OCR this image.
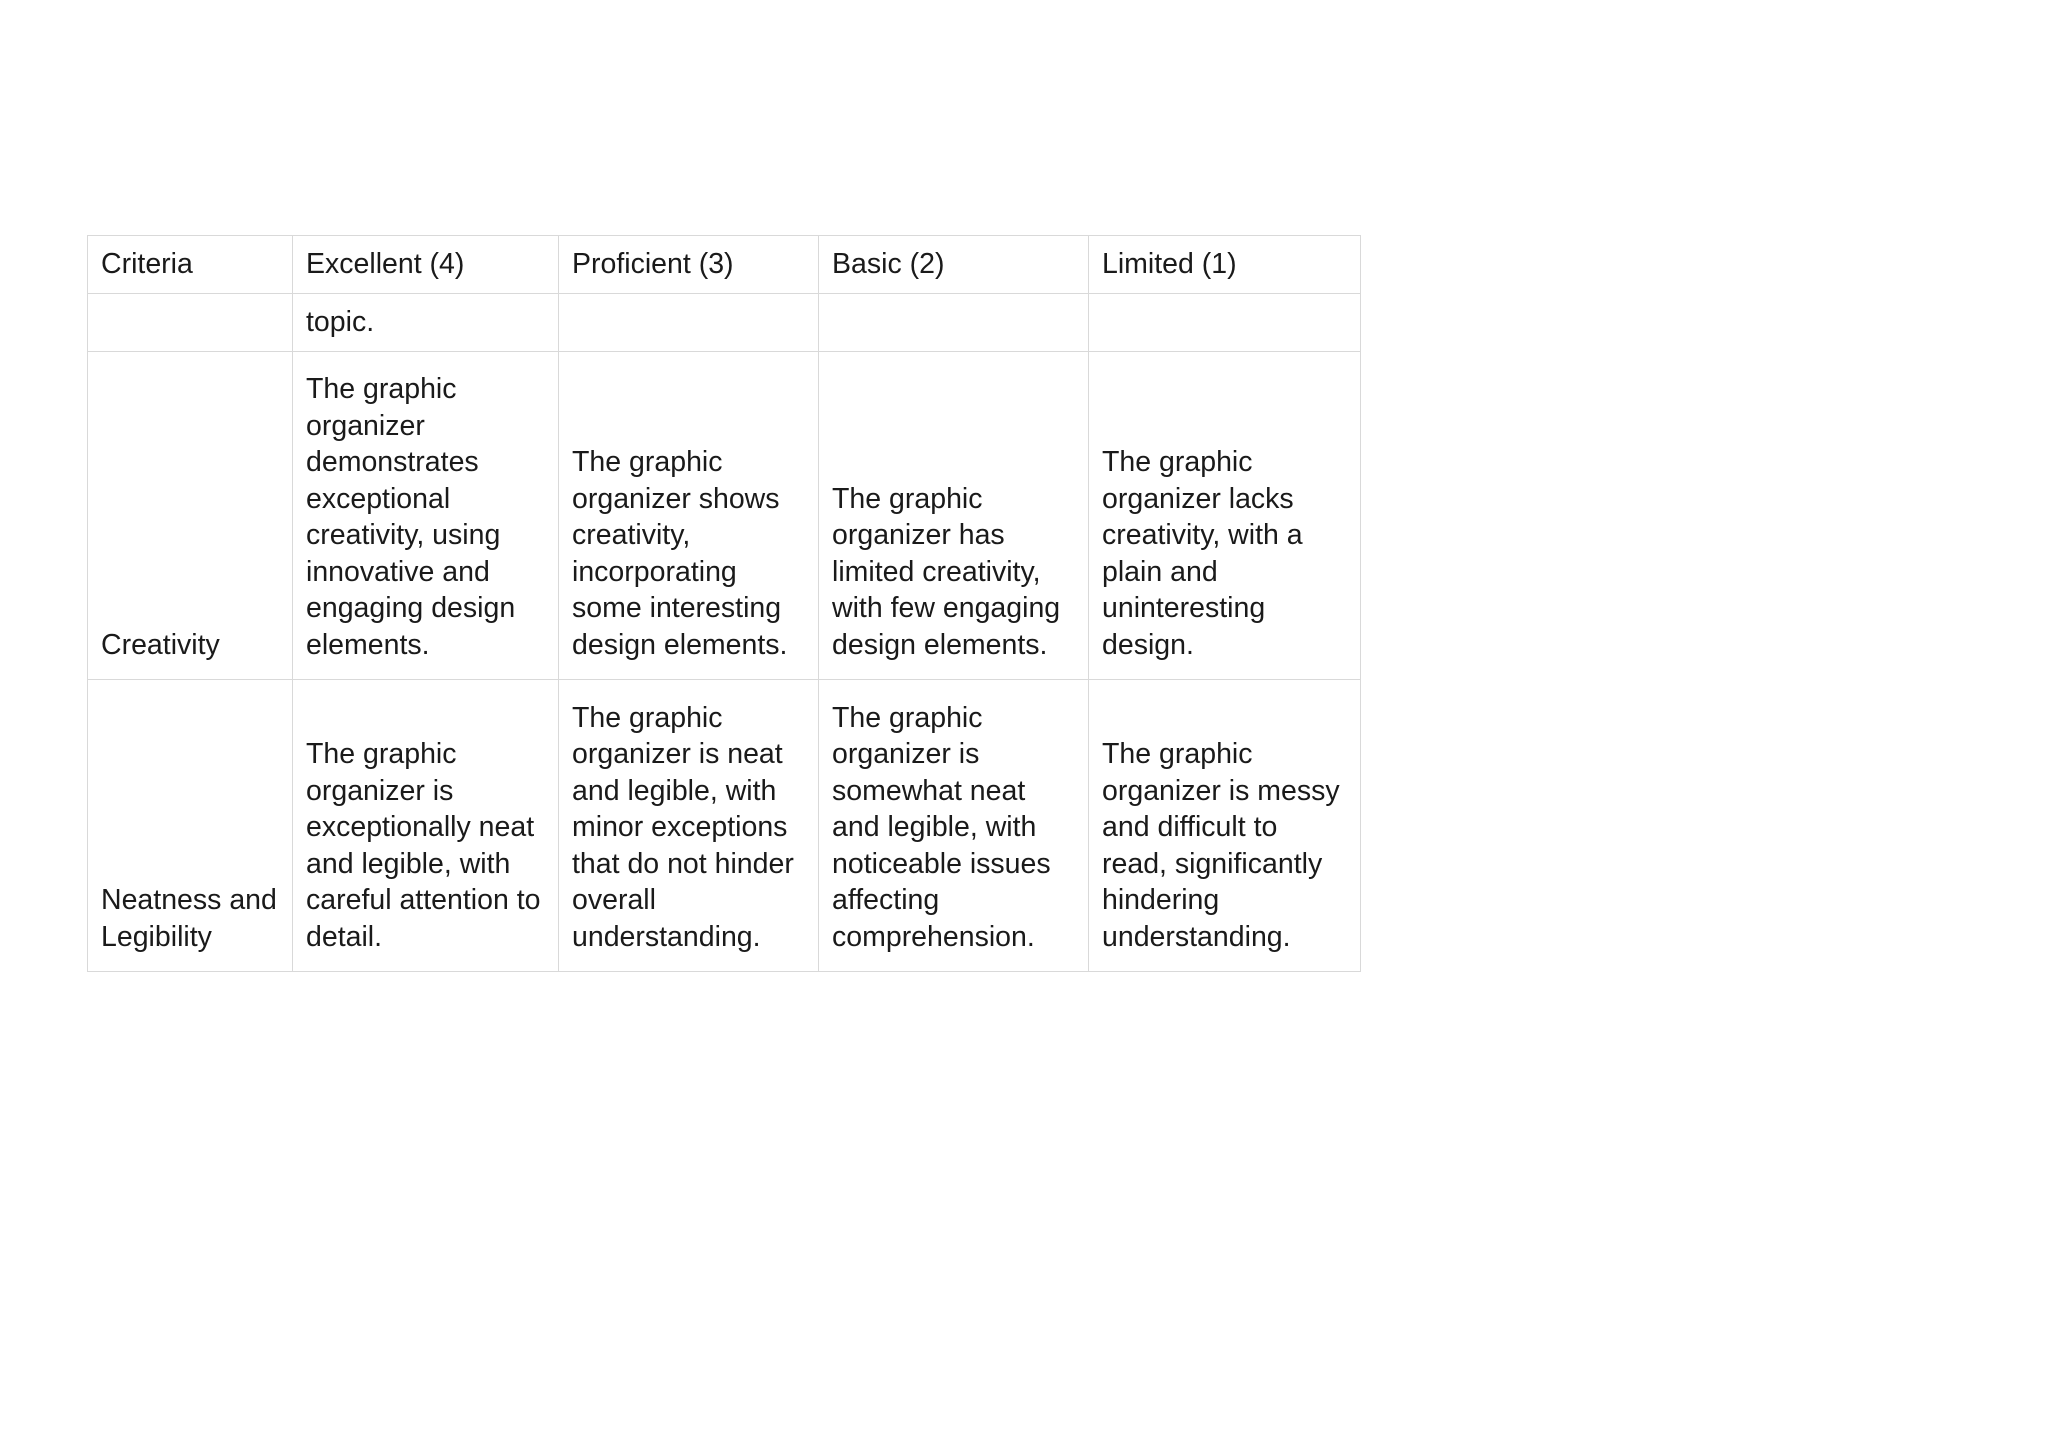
Criteria	Excellent (4)	Proficient (3)	Basic (2)	Limited (1)
	topic.			
Creativity	The graphic organizer demonstrates exceptional creativity, using innovative and engaging design elements.	The graphic organizer shows creativity, incorporating some interesting design elements.	The graphic organizer has limited creativity, with few engaging design elements.	The graphic organizer lacks creativity, with a plain and uninteresting design.
Neatness and Legibility	The graphic organizer is exceptionally neat and legible, with careful attention to detail.	The graphic organizer is neat and legible, with minor exceptions that do not hinder overall understanding.	The graphic organizer is somewhat neat and legible, with noticeable issues affecting comprehension.	The graphic organizer is messy and difficult to read, significantly hindering understanding.
